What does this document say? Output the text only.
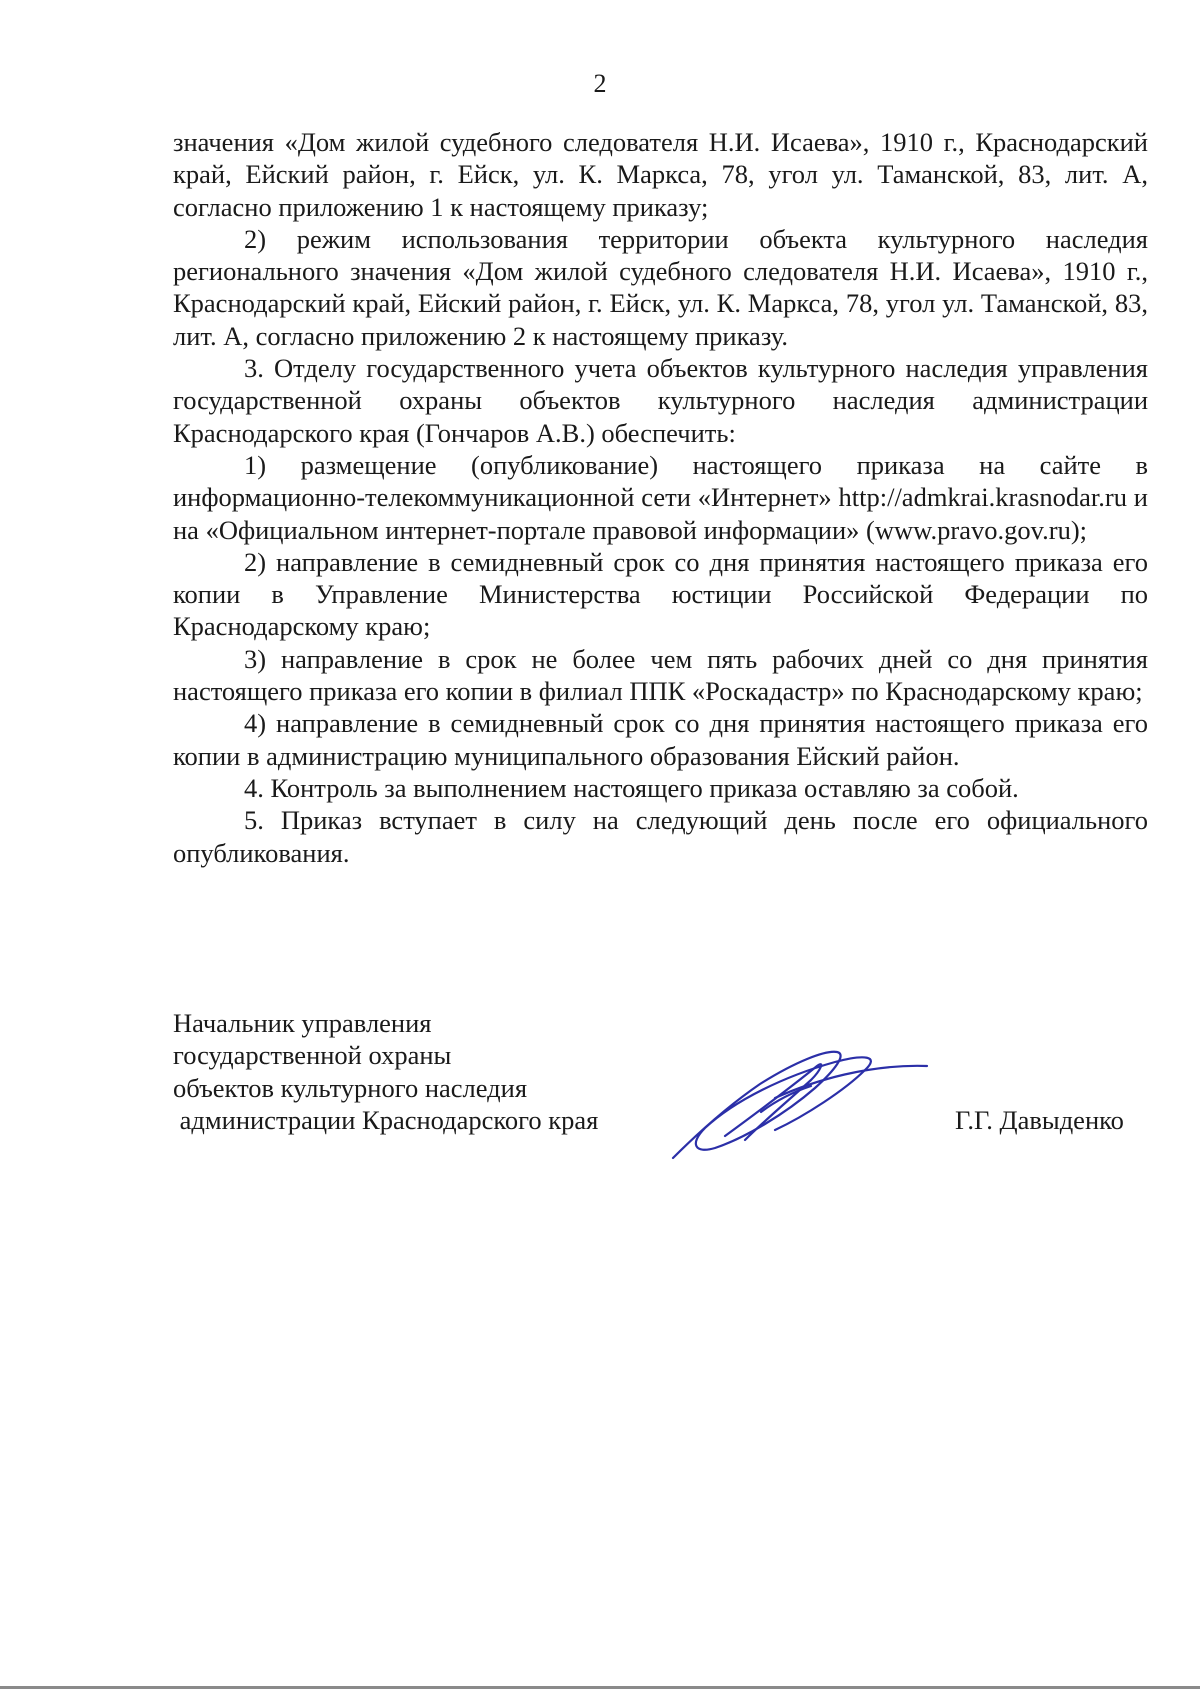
2

значения «Дом жилой судебного следователя Н.И. Исаева», 1910 г., Краснодарский край, Ейский район, г. Ейск, ул. К. Маркса, 78, угол ул. Таманской, 83, лит. А, согласно приложению 1 к настоящему приказу;

2) режим использования территории объекта культурного наследия регионального значения «Дом жилой судебного следователя Н.И. Исаева», 1910 г., Краснодарский край, Ейский район, г. Ейск, ул. К. Маркса, 78, угол ул. Таманской, 83, лит. А, согласно приложению 2 к настоящему приказу.

3. Отделу государственного учета объектов культурного наследия управления государственной охраны объектов культурного наследия администрации Краснодарского края (Гончаров А.В.) обеспечить:

1) размещение (опубликование) настоящего приказа на сайте в информационно-телекоммуникационной сети «Интернет» http://admkrai.krasnodar.ru и на «Официальном интернет-портале правовой информации» (www.pravo.gov.ru);

2) направление в семидневный срок со дня принятия настоящего приказа его копии в Управление Министерства юстиции Российской Федерации по Краснодарскому краю;

3) направление в срок не более чем пять рабочих дней со дня принятия настоящего приказа его копии в филиал ППК «Роскадастр» по Краснодарскому краю;

4) направление в семидневный срок со дня принятия настоящего приказа его копии в администрацию муниципального образования Ейский район.

4. Контроль за выполнением настоящего приказа оставляю за собой.

5. Приказ вступает в силу на следующий день после его официального опубликования.

Начальник управления
государственной охраны
объектов культурного наследия
администрации Краснодарского края	Г.Г. Давыденко
